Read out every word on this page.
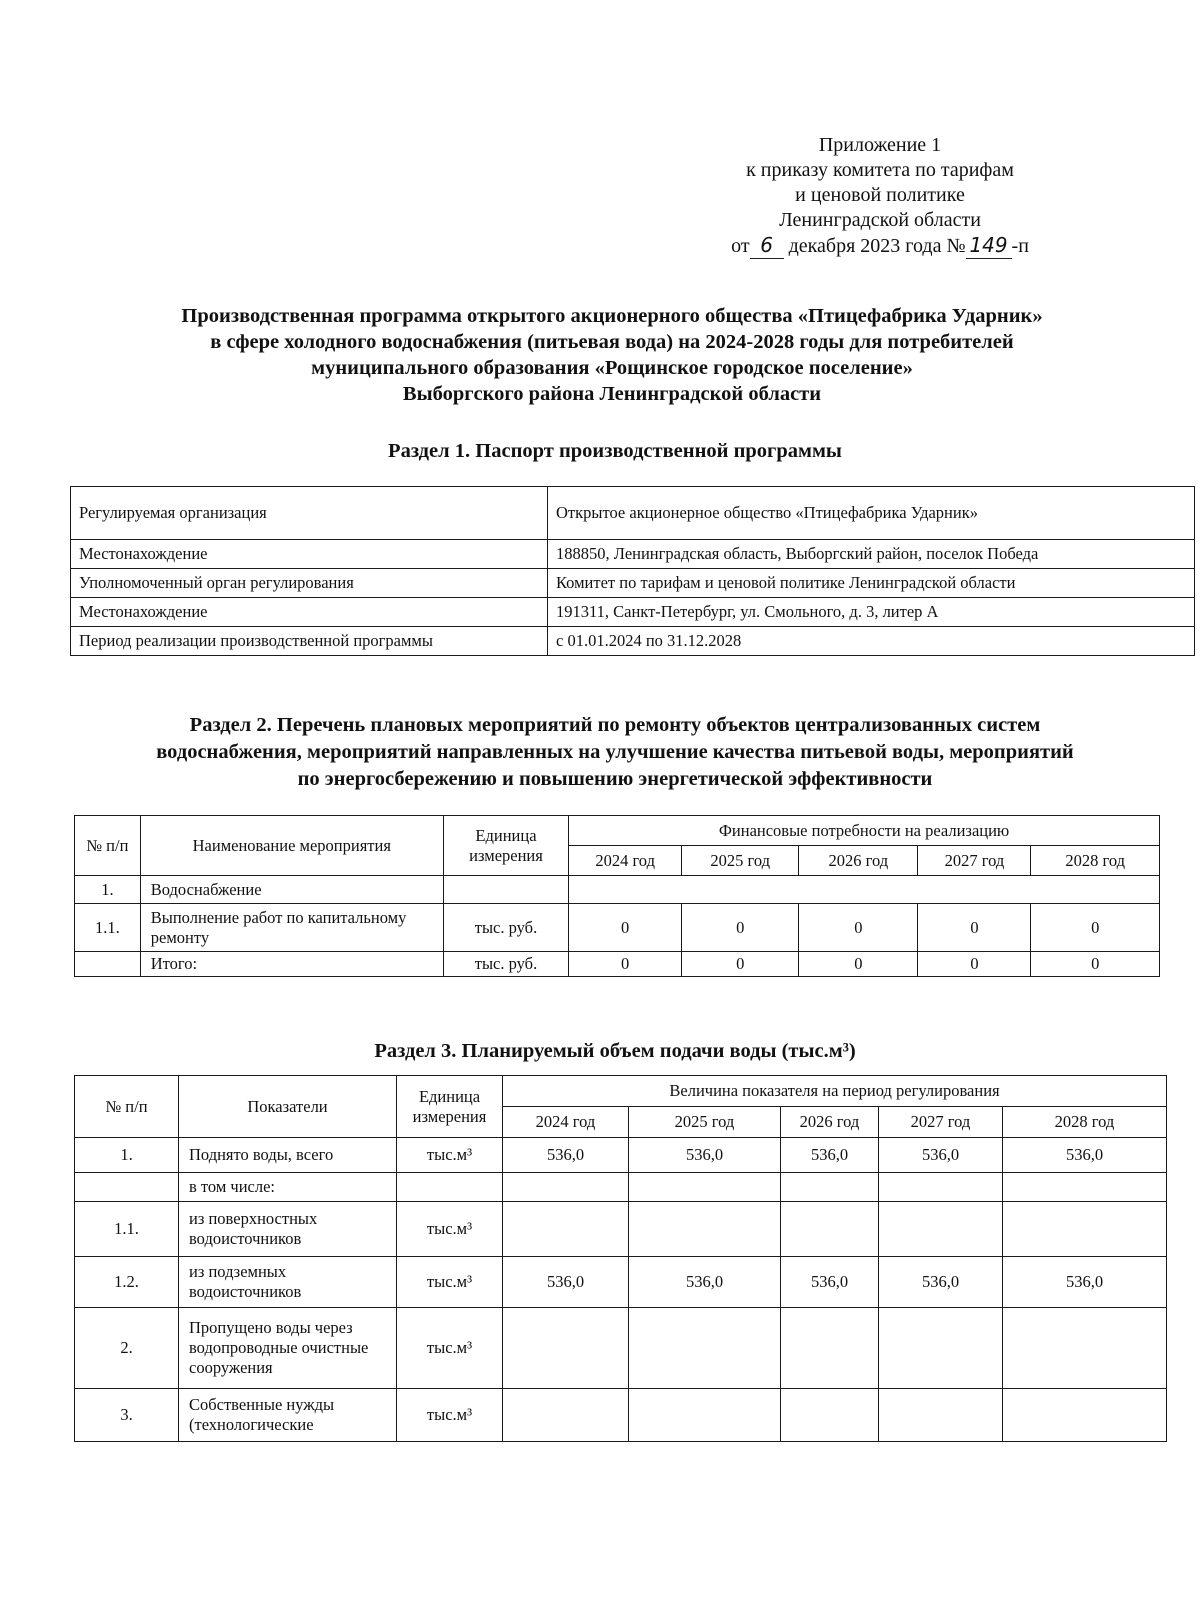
Приложение 1
к приказу комитета по тарифам
и ценовой политике
Ленинградской области
от 6 декабря 2023 года № 149 -п
Производственная программа открытого акционерного общества «Птицефабрика Ударник»
в сфере холодного водоснабжения (питьевая вода) на 2024-2028 годы для потребителей
муниципального образования «Рощинское городское поселение»
Выборгского района Ленинградской области
Раздел 1. Паспорт производственной программы
Регулируемая организация	Открытое акционерное общество «Птицефабрика Ударник»
Местонахождение	188850, Ленинградская область, Выборгский район, поселок Победа
Уполномоченный орган регулирования	Комитет по тарифам и ценовой политике Ленинградской области
Местонахождение	191311, Санкт-Петербург, ул. Смольного, д. 3, литер А
Период реализации производственной программы	с 01.01.2024 по 31.12.2028
Раздел 2. Перечень плановых мероприятий по ремонту объектов централизованных систем
водоснабжения, мероприятий направленных на улучшение качества питьевой воды, мероприятий
по энергосбережению и повышению энергетической эффективности
№ п/п	Наименование мероприятия	Единица измерения	Финансовые потребности на реализацию				
			2024 год	2025 год	2026 год	2027 год	2028 год
1.	Водоснабжение						
1.1.	Выполнение работ по капитальному ремонту	тыс. руб.	0	0	0	0	0
	Итого:	тыс. руб.	0	0	0	0	0
Раздел 3. Планируемый объем подачи воды (тыс.м³)
№ п/п	Показатели	Единица измерения	Величина показателя на период регулирования				
			2024 год	2025 год	2026 год	2027 год	2028 год
1.	Поднято воды, всего	тыс.м³	536,0	536,0	536,0	536,0	536,0
	в том числе:						
1.1.	из поверхностных водоисточников	тыс.м³					
1.2.	из подземных водоисточников	тыс.м³	536,0	536,0	536,0	536,0	536,0
2.	Пропущено воды через водопроводные очистные сооружения	тыс.м³					
3.	Собственные нужды (технологические	тыс.м³					
